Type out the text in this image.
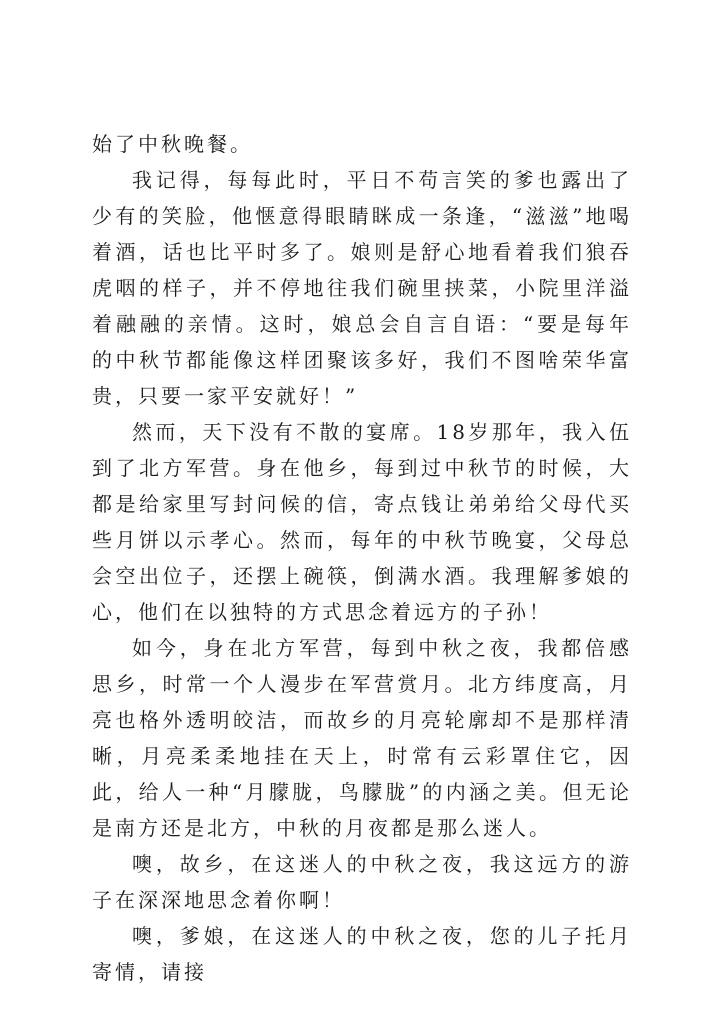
始了中秋晚餐。

我记得，每每此时，平日不苟言笑的爹也露出了少有的笑脸，他惬意得眼睛眯成一条逢，“滋滋”地喝着酒，话也比平时多了。娘则是舒心地看着我们狼吞虎咽的样子，并不停地往我们碗里挟菜，小院里洋溢着融融的亲情。这时，娘总会自言自语：“要是每年的中秋节都能像这样团聚该多好，我们不图啥荣华富贵，只要一家平安就好！”

然而，天下没有不散的宴席。18岁那年，我入伍到了北方军营。身在他乡，每到过中秋节的时候，大都是给家里写封问候的信，寄点钱让弟弟给父母代买些月饼以示孝心。然而，每年的中秋节晚宴，父母总会空出位子，还摆上碗筷，倒满水酒。我理解爹娘的心，他们在以独特的方式思念着远方的子孙！

如今，身在北方军营，每到中秋之夜，我都倍感思乡，时常一个人漫步在军营赏月。北方纬度高，月亮也格外透明皎洁，而故乡的月亮轮廓却不是那样清晰，月亮柔柔地挂在天上，时常有云彩罩住它，因此，给人一种“月朦胧，鸟朦胧”的内涵之美。但无论是南方还是北方，中秋的月夜都是那么迷人。

噢，故乡，在这迷人的中秋之夜，我这远方的游子在深深地思念着你啊！

噢，爹娘，在这迷人的中秋之夜，您的儿子托月寄情，请接
